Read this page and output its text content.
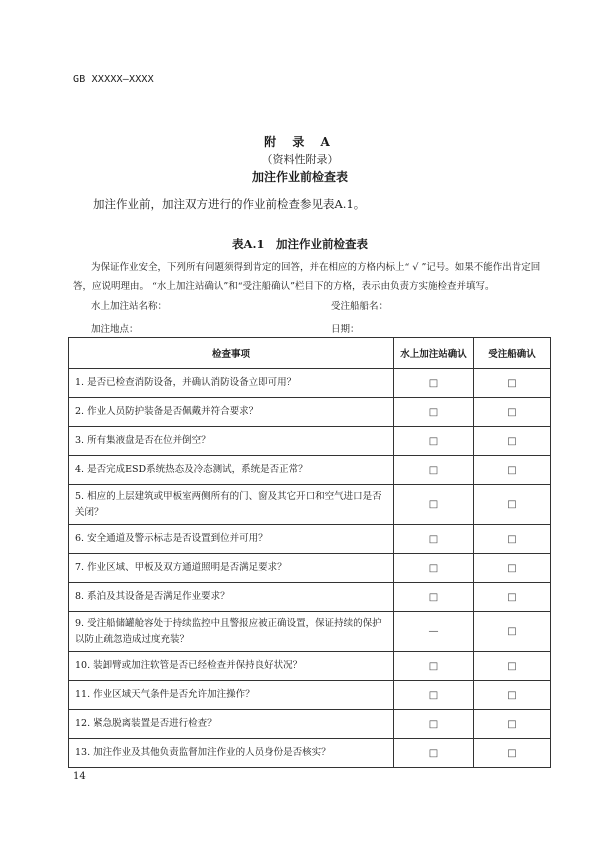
GB XXXXX—XXXX
附 录 A
（资料性附录）
加注作业前检查表
加注作业前，加注双方进行的作业前检查参见表A.1。
表A.1　加注作业前检查表
为保证作业安全，下列所有问题须得到肯定的回答，并在相应的方格内标上“ √ ”记号。如果不能作出肯定回答，应说明理由。 “水上加注站确认”和“受注船确认”栏目下的方格，表示由负责方实施检查并填写。
水上加注站名称：	受注船船名：
加注地点：	日期：
检查事项	水上加注站确认	受注船确认
1. 是否已检查消防设备，并确认消防设备立即可用？	□	□
2. 作业人员防护装备是否佩戴并符合要求？	□	□
3. 所有集液盘是否在位并倒空？	□	□
4. 是否完成ESD系统热态及冷态测试，系统是否正常？	□	□
5. 相应的上层建筑或甲板室两侧所有的门、窗及其它开口和空气进口是否关闭？	□	□
6. 安全通道及警示标志是否设置到位并可用？	□	□
7. 作业区域、甲板及双方通道照明是否满足要求？	□	□
8. 系泊及其设备是否满足作业要求？	□	□
9. 受注船储罐舱容处于持续监控中且警报应被正确设置，保证持续的保护以防止疏忽造成过度充装？	—	□
10. 装卸臂或加注软管是否已经检查并保持良好状况？	□	□
11. 作业区域天气条件是否允许加注操作？	□	□
12. 紧急脱离装置是否进行检查？	□	□
13. 加注作业及其他负责监督加注作业的人员身份是否核实？	□	□
14
